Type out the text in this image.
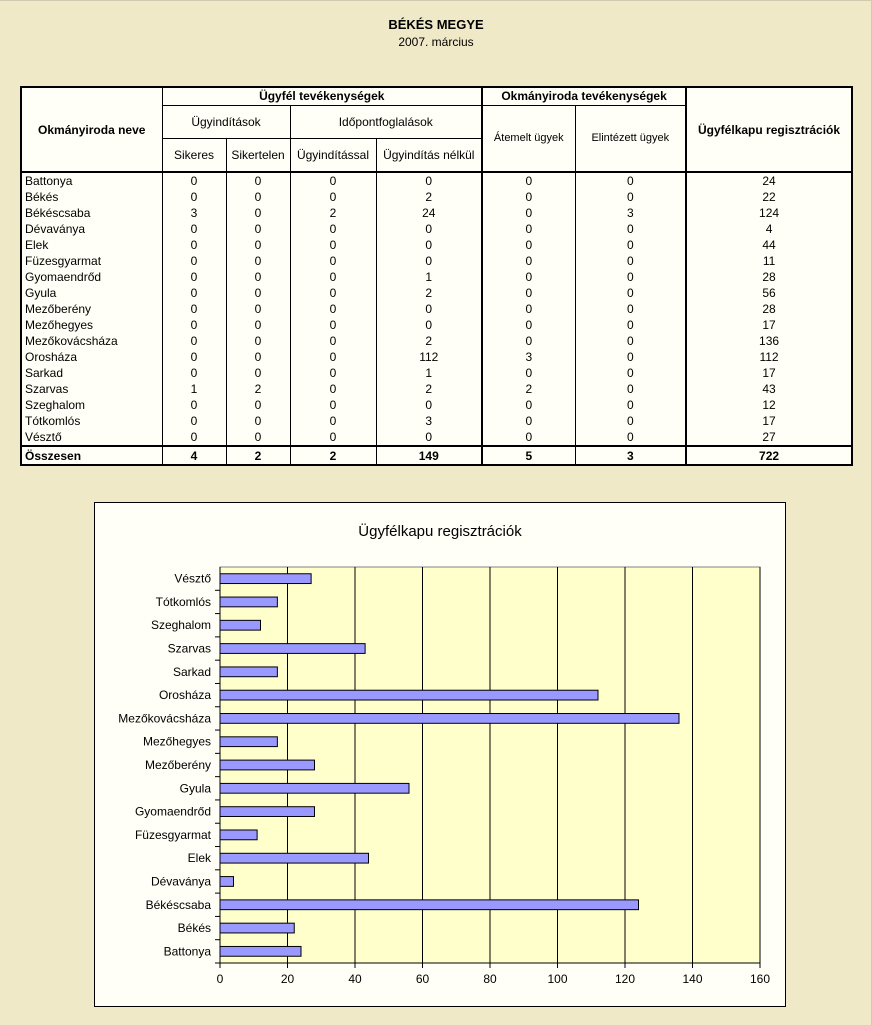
BÉKÉS MEGYE
2007. március
Okmányiroda neve	Ügyfél tevékenységek				Okmányiroda tevékenységek		Ügyfélkapu regisztrációk
	Ügyindítások		Időpontfoglalások		Átemelt ügyek	Elintézett ügyek	
	Sikeres	Sikertelen	Ügyindítással	Ügyindítás nélkül			
Battonya	0	0	0	0	0	0	24
Békés	0	0	0	2	0	0	22
Békéscsaba	3	0	2	24	0	3	124
Dévaványa	0	0	0	0	0	0	4
Elek	0	0	0	0	0	0	44
Füzesgyarmat	0	0	0	0	0	0	11
Gyomaendrőd	0	0	0	1	0	0	28
Gyula	0	0	0	2	0	0	56
Mezőberény	0	0	0	0	0	0	28
Mezőhegyes	0	0	0	0	0	0	17
Mezőkovácsháza	0	0	0	2	0	0	136
Orosháza	0	0	0	112	3	0	112
Sarkad	0	0	0	1	0	0	17
Szarvas	1	2	0	2	2	0	43
Szeghalom	0	0	0	0	0	0	12
Tótkomlós	0	0	0	3	0	0	17
Vésztő	0	0	0	0	0	0	27
Összesen	4	2	2	149	5	3	722
Ügyfélkapu regisztrációk
0	20	40	60	80	100	120	140	160
Battonya
Békés
Békéscsaba
Dévaványa
Elek
Füzesgyarmat
Gyomaendrőd
Gyula
Mezőberény
Mezőhegyes
Mezőkovácsháza
Orosháza
Sarkad
Szarvas
Szeghalom
Tótkomlós
Vésztő
